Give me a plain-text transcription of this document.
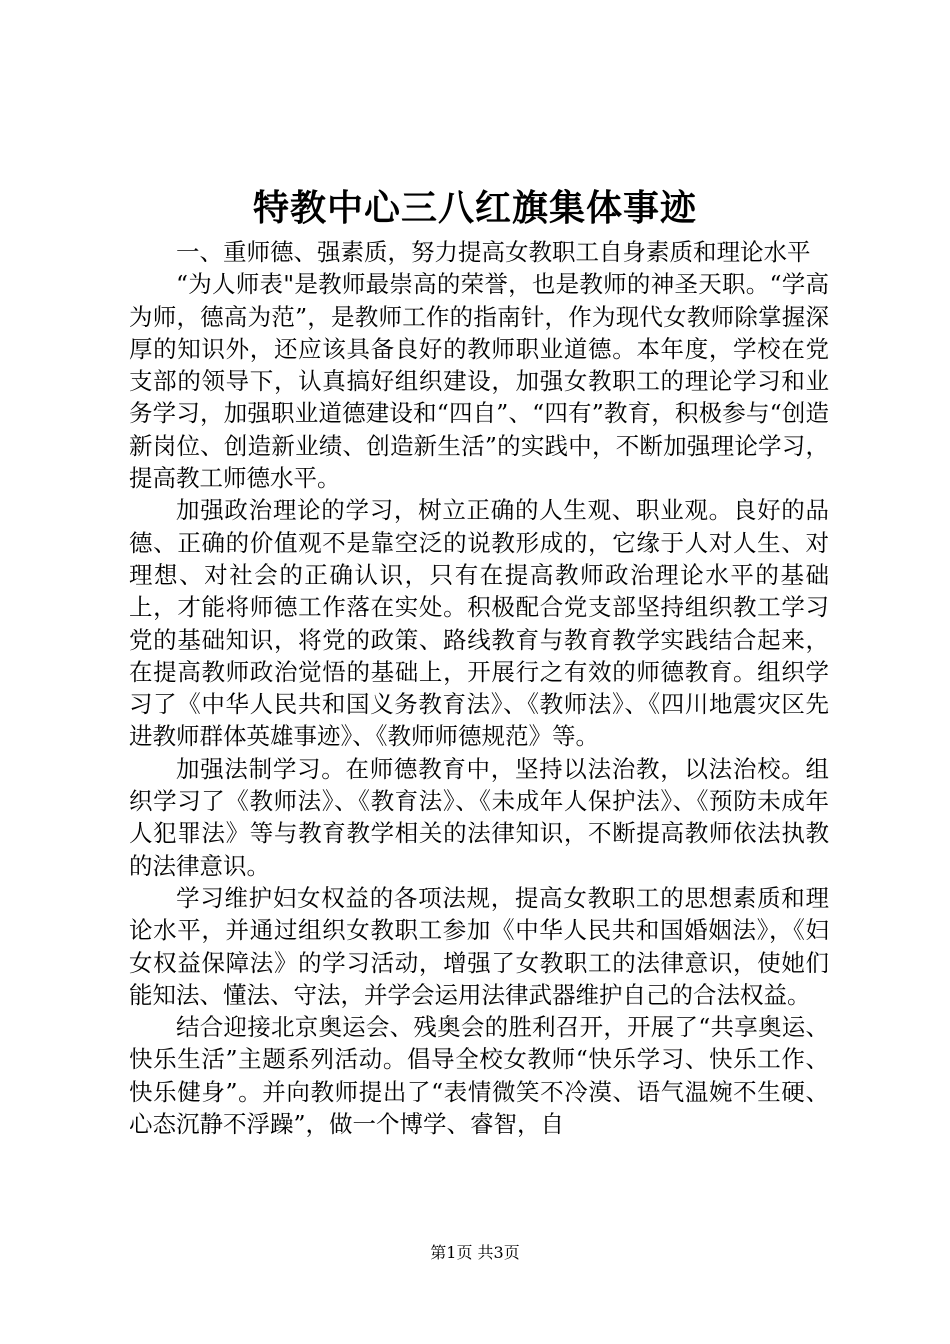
特教中心三八红旗集体事迹

一、重师德、强素质，努力提高女教职工自身素质和理论水平

“为人师表"是教师最崇高的荣誉，也是教师的神圣天职。“学高为师，德高为范”，是教师工作的指南针，作为现代女教师除掌握深厚的知识外，还应该具备良好的教师职业道德。本年度，学校在党支部的领导下，认真搞好组织建设，加强女教职工的理论学习和业务学习，加强职业道德建设和“四自”、“四有”教育，积极参与“创造新岗位、创造新业绩、创造新生活”的实践中，不断加强理论学习，提高教工师德水平。

加强政治理论的学习，树立正确的人生观、职业观。良好的品德、正确的价值观不是靠空泛的说教形成的，它缘于人对人生、对理想、对社会的正确认识，只有在提高教师政治理论水平的基础上，才能将师德工作落在实处。积极配合党支部坚持组织教工学习党的基础知识，将党的政策、路线教育与教育教学实践结合起来，在提高教师政治觉悟的基础上，开展行之有效的师德教育。组织学习了《中华人民共和国义务教育法》、《教师法》、《四川地震灾区先进教师群体英雄事迹》、《教师师德规范》等。

加强法制学习。在师德教育中，坚持以法治教，以法治校。组织学习了《教师法》、《教育法》、《未成年人保护法》、《预防未成年人犯罪法》等与教育教学相关的法律知识，不断提高教师依法执教的法律意识。

学习维护妇女权益的各项法规，提高女教职工的思想素质和理论水平，并通过组织女教职工参加《中华人民共和国婚姻法》，《妇女权益保障法》的学习活动，增强了女教职工的法律意识，使她们能知法、懂法、守法，并学会运用法律武器维护自己的合法权益。

结合迎接北京奥运会、残奥会的胜利召开，开展了“共享奥运、快乐生活”主题系列活动。倡导全校女教师“快乐学习、快乐工作、快乐健身”。并向教师提出了“表情微笑不冷漠、语气温婉不生硬、心态沉静不浮躁”，做一个博学、睿智，自

第1页 共3页
